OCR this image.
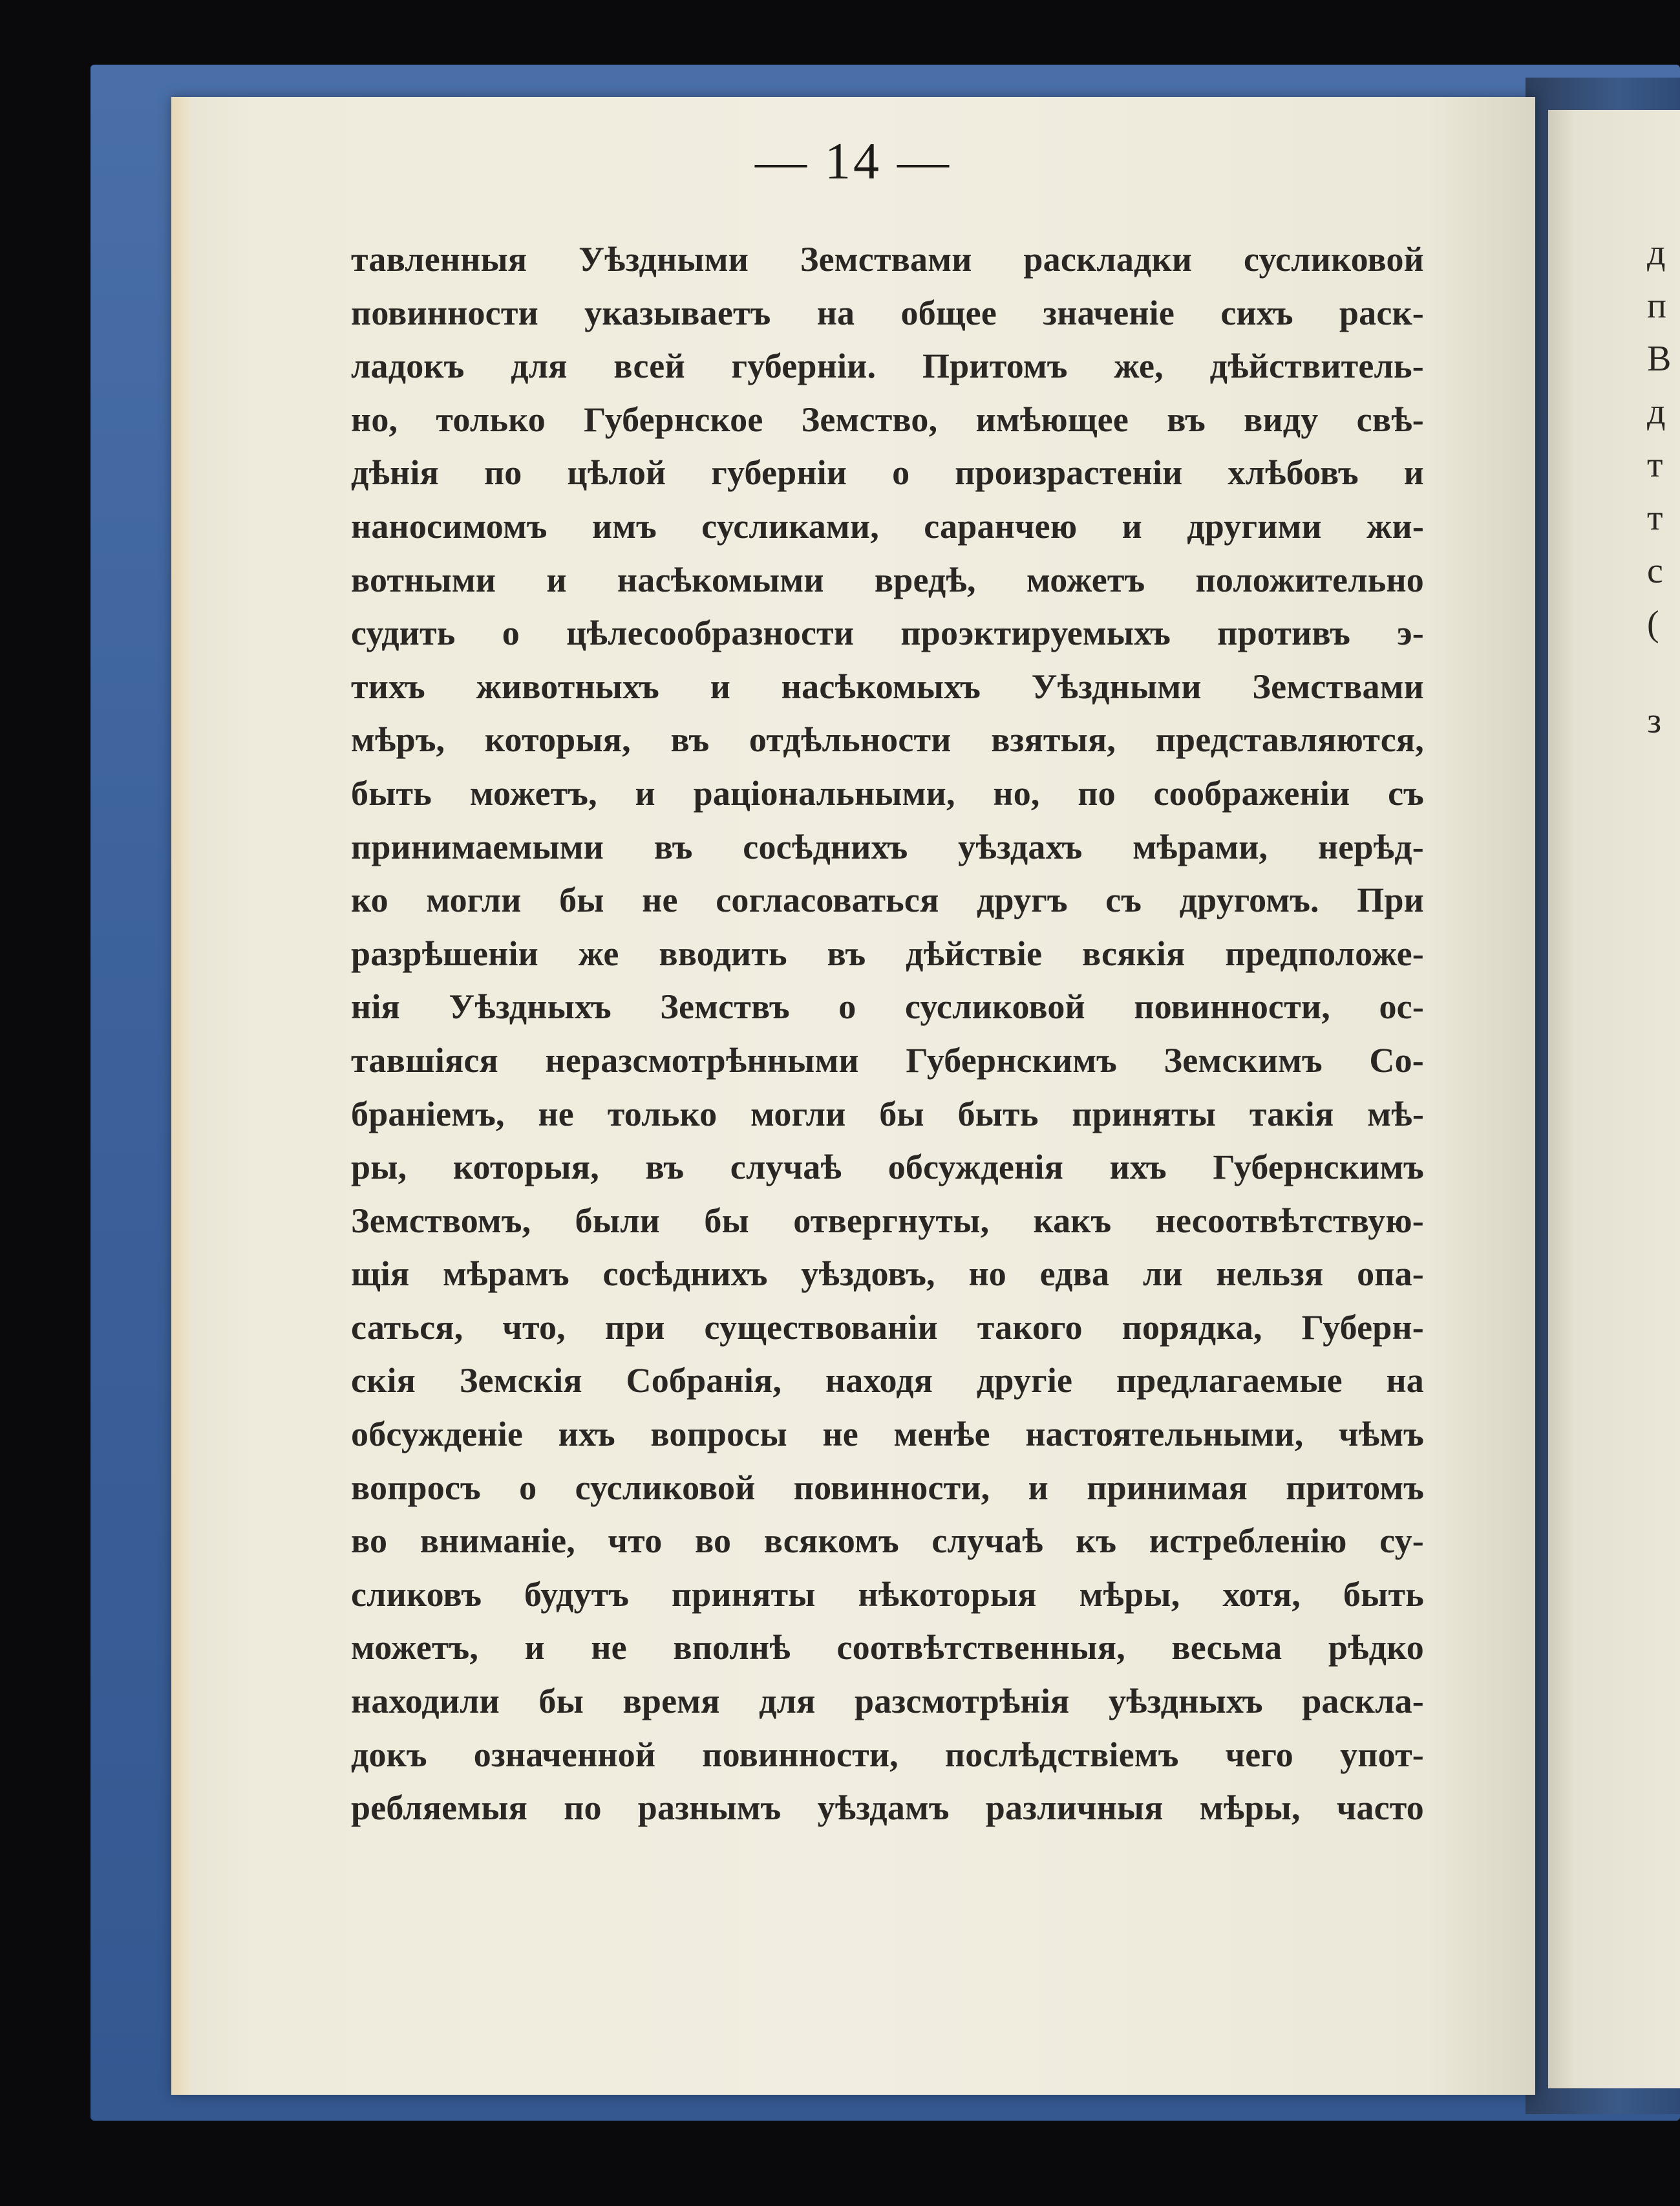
д
п
В
д
т
т
с
(
з
— 14 —
тавленныя Уѣздными Земствами раскладки сусликовой
повинности указываетъ на общее значенiе сихъ раск-
ладокъ для всей губернiи. Притомъ же, дѣйствитель-
но, только Губернское Земство, имѣющее въ виду свѣ-
дѣнiя по цѣлой губернiи о произрастенiи хлѣбовъ и
наносимомъ имъ сусликами, саранчею и другими жи-
вотными и насѣкомыми вредѣ, можетъ положительно
судить о цѣлесообразности проэктируемыхъ противъ э-
тихъ животныхъ и насѣкомыхъ Уѣздными Земствами
мѣръ, которыя, въ отдѣльности взятыя, представляются,
быть можетъ, и рацiональными, но, по соображенiи съ
принимаемыми въ сосѣднихъ уѣздахъ мѣрами, нерѣд-
ко могли бы не согласоваться другъ съ другомъ. При
разрѣшенiи же вводить въ дѣйствiе всякiя предположе-
нiя Уѣздныхъ Земствъ о сусликовой повинности, ос-
тавшiяся неразсмотрѣнными Губернскимъ Земскимъ Со-
бранiемъ, не только могли бы быть приняты такiя мѣ-
ры, которыя, въ случаѣ обсужденiя ихъ Губернскимъ
Земствомъ, были бы отвергнуты, какъ несоотвѣтствую-
щiя мѣрамъ сосѣднихъ уѣздовъ, но едва ли нельзя опа-
саться, что, при существованiи такого порядка, Губерн-
скiя Земскiя Собранiя, находя другiе предлагаемые на
обсужденiе ихъ вопросы не менѣе настоятельными, чѣмъ
вопросъ о сусликовой повинности, и принимая притомъ
во вниманiе, что во всякомъ случаѣ къ истребленiю су-
сликовъ будутъ приняты нѣкоторыя мѣры, хотя, быть
можетъ, и не вполнѣ соотвѣтственныя, весьма рѣдко
находили бы время для разсмотрѣнiя уѣздныхъ раскла-
докъ означенной повинности, послѣдствiемъ чего упот-
ребляемыя по разнымъ уѣздамъ различныя мѣры, часто
